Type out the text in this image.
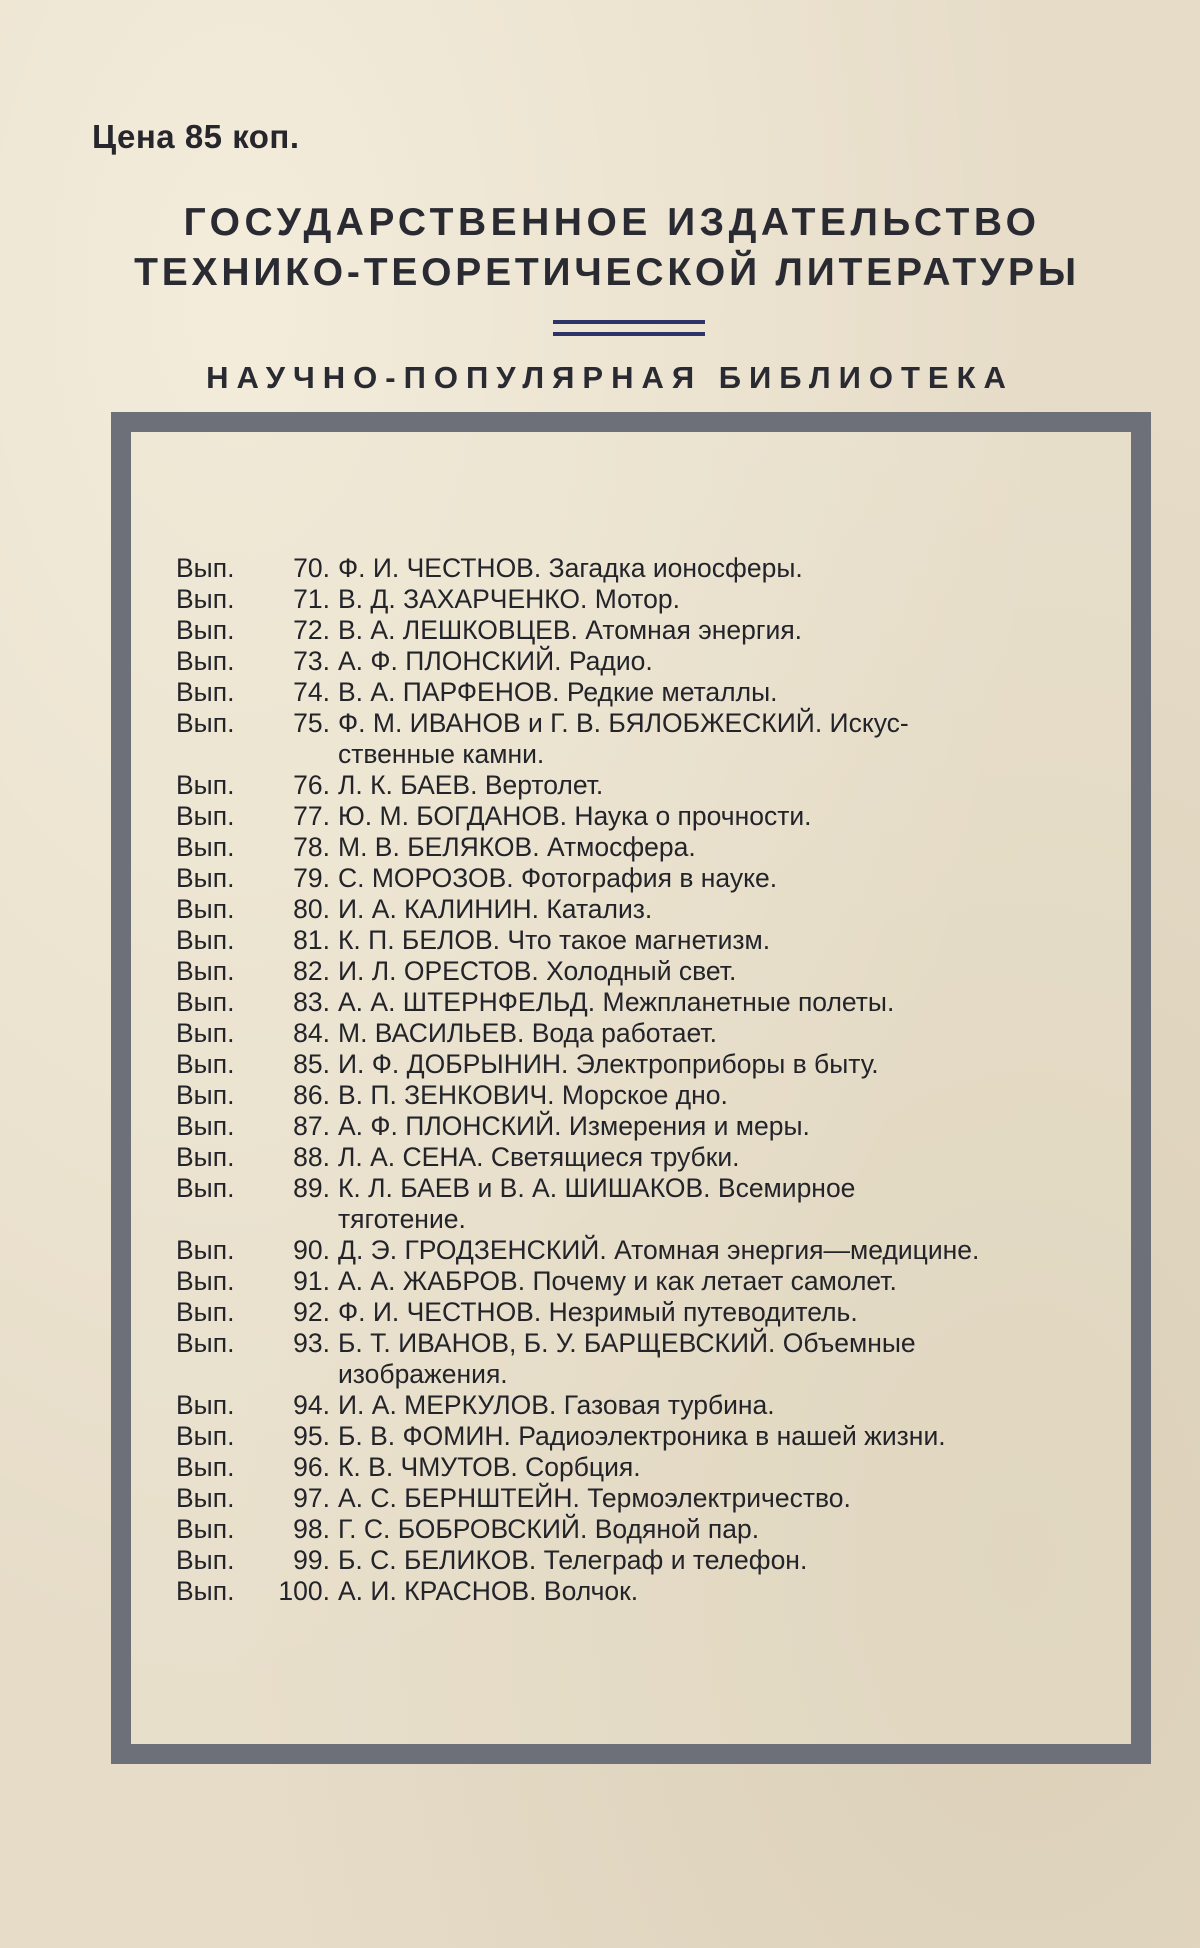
Цена 85 коп.
ГОСУДАРСТВЕННОЕ ИЗДАТЕЛЬСТВО
ТЕХНИКО-ТЕОРЕТИЧЕСКОЙ ЛИТЕРАТУРЫ
НАУЧНО-ПОПУЛЯРНАЯ БИБЛИОТЕКА
Вып.	70. Ф. И. ЧЕСТНОВ. Загадка ионосферы.
Вып.	71. В. Д. ЗАХАРЧЕНКО. Мотор.
Вып.	72. В. А. ЛЕШКОВЦЕВ. Атомная энергия.
Вып.	73. А. Ф. ПЛОНСКИЙ. Радио.
Вып.	74. В. А. ПАРФЕНОВ. Редкие металлы.
Вып.	75. Ф. М. ИВАНОВ и Г. В. БЯЛОБЖЕСКИЙ. Искус-
ственные камни.
Вып.	76. Л. К. БАЕВ. Вертолет.
Вып.	77. Ю. М. БОГДАНОВ. Наука о прочности.
Вып.	78. М. В. БЕЛЯКОВ. Атмосфера.
Вып.	79. С. МОРОЗОВ. Фотография в науке.
Вып.	80. И. А. КАЛИНИН. Катализ.
Вып.	81. К. П. БЕЛОВ. Что такое магнетизм.
Вып.	82. И. Л. ОРЕСТОВ. Холодный свет.
Вып.	83. А. А. ШТЕРНФЕЛЬД. Межпланетные полеты.
Вып.	84. М. ВАСИЛЬЕВ. Вода работает.
Вып.	85. И. Ф. ДОБРЫНИН. Электроприборы в быту.
Вып.	86. В. П. ЗЕНКОВИЧ. Морское дно.
Вып.	87. А. Ф. ПЛОНСКИЙ. Измерения и меры.
Вып.	88. Л. А. СЕНА. Светящиеся трубки.
Вып.	89. К. Л. БАЕВ и В. А. ШИШАКОВ. Всемирное
тяготение.
Вып.	90. Д. Э. ГРОДЗЕНСКИЙ. Атомная энергия—медицине.
Вып.	91. А. А. ЖАБРОВ. Почему и как летает самолет.
Вып.	92. Ф. И. ЧЕСТНОВ. Незримый путеводитель.
Вып.	93. Б. Т. ИВАНОВ, Б. У. БАРЩЕВСКИЙ. Объемные
изображения.
Вып.	94. И. А. МЕРКУЛОВ. Газовая турбина.
Вып.	95. Б. В. ФОМИН. Радиоэлектроника в нашей жизни.
Вып.	96. К. В. ЧМУТОВ. Сорбция.
Вып.	97. А. С. БЕРНШТЕЙН. Термоэлектричество.
Вып.	98. Г. С. БОБРОВСКИЙ. Водяной пар.
Вып.	99. Б. С. БЕЛИКОВ. Телеграф и телефон.
Вып.	100. А. И. КРАСНОВ. Волчок.
